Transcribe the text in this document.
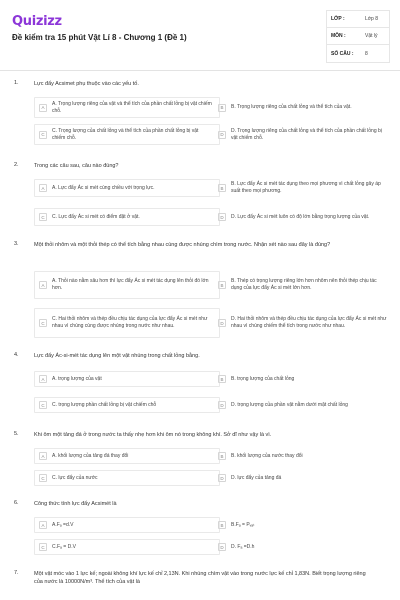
Quizizz
Đề kiểm tra 15 phút Vật Lí 8 - Chương 1 (Đề 1)
LỚP :	Lớp 8
MÔN :	Vật lý
SỐ CÂU :	8
1.	Lực đẩy Acsimet phụ thuộc vào các yếu tố.
A
A. Trọng lượng riêng của vật và thể tích của phần chất lỏng bị vật chiếm chỗ.	B	B. Trọng lượng riêng của chất lỏng và thể tích của vật.
C
C. Trọng lượng của chất lỏng và thể tích của phần chất lỏng bị vật chiếm chỗ.	D
D. Trọng lượng riêng của chất lỏng và thể tích của phần chất lỏng bị vật chiếm chỗ.
2.	Trong các câu sau, câu nào đúng?
A	A. Lực đẩy Ác si mét cùng chiều với trọng lực.	B
B. Lực đẩy Ác si mét tác dụng theo mọi phương vì chất lỏng gây áp suất theo mọi phương.
C	C. Lực đẩy Ác si mét có điểm đặt ở vật.	D	D. Lực đẩy Ác si mét luôn có độ lớn bằng trọng lượng của vật.
3.	Một thỏi nhôm và một thỏi thép có thể tích bằng nhau cùng được nhúng chìm trong nước. Nhận xét nào sau đây là đúng?
A
A. Thỏi nào nằm sâu hơn thì lực đẩy Ác si mét tác dụng lên thỏi đó lớn hơn.	B
B. Thép có trọng lượng riêng lớn hơn nhôm nên thỏi thép chịu tác dụng của lực đẩy Ác si mét lớn hơn.
C
C. Hai thỏi nhôm và thép đều chịu tác dụng của lực đẩy Ác si mét như nhau vì chúng cùng được nhúng trong nước như nhau.	D
D. Hai thỏi nhôm và thép đều chịu tác dụng của lực đẩy Ác si mét như nhau vì chúng chiếm thể tích trong nước như nhau.
4.	Lực đẩy Ác-si-mét tác dụng lên một vật nhúng trong chất lỏng bằng.
A	A. trọng lượng của vật	B	B. trọng lượng của chất lỏng
C	C. trọng lượng phần chất lỏng bị vật chiếm chỗ	D	D. trọng lượng của phần vật nằm dưới mặt chất lỏng
5.	Khi ôm một tảng đá ở trong nước ta thấy nhẹ hơn khi ôm nó trong không khí. Sở dĩ như vậy là vì.
A	A. khối lượng của tảng đá thay đổi	B	B. khối lượng của nước thay đổi
C	C. lực đẩy của nước	D	D. lực đẩy của tảng đá
6.	Công thức tính lực đẩy Acsimét là
A	A.Fₐ =d.V	B	B.Fₐ = Pᵥₐₜ
C	C.Fₐ = D.V	D	D. Fₐ =D.h
7.	Một vật móc vào 1 lực kế; ngoài không khí lực kế chỉ 2,13N. Khi nhúng chìm vật vào trong nước lực kế chỉ 1,83N. Biết trọng lượng riêng của nước là 10000N/m³. Thể tích của vật là
